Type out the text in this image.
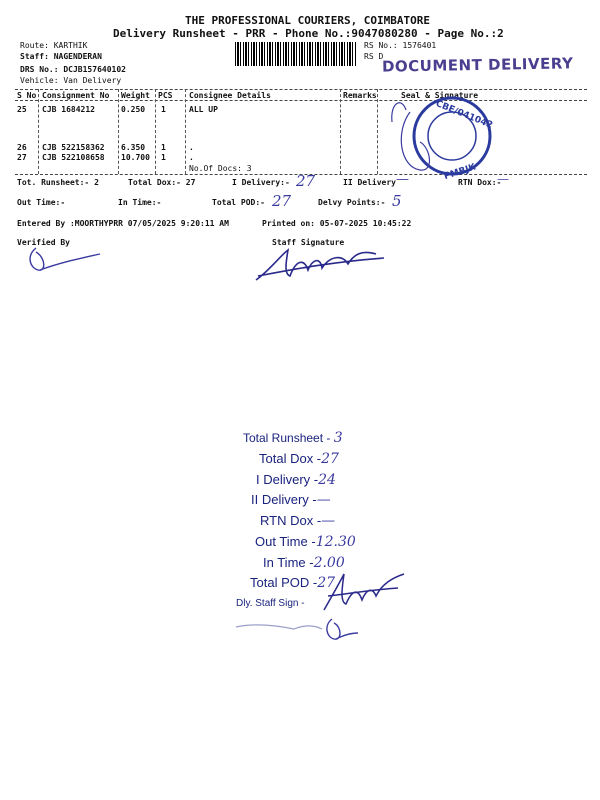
THE PROFESSIONAL COURIERS, COIMBATORE
Delivery Runsheet - PRR - Phone No.:9047080280 - Page No.:2
Route: KARTHIK
Staff: NAGENDERAN
DRS No.: DCJB157640102
Vehicle: Van Delivery
RS No.: 1576401
RS D
DOCUMENT DELIVERY
S No Consignment No Weight PCS Consignee Details	Remarks	Seal & Signature
25 CJB 1684212	0.250 1	ALL UP
26 CJB 522158362 6.350 1	.
27 CJB 522108658 10.700 1	.
No.Of Docs: 3
CBE/041042
PMBJK
Tot. Runsheet:- 2	Total Dox:- 27	I Delivery:- 27	II Delivery —	RTN Dox:-
—
Out Time:-	In Time:-	Total POD:- 27	Delvy Points:- 5
Entered By :MOORTHYPRR 07/05/2025 9:20:11 AM	Printed on: 05-07-2025 10:45:22
Verified By	Staff Signature
Total Runsheet - 3
Total Dox -27
I Delivery -24
II Delivery -—
RTN Dox -—
Out Time -12.30
In Time -2.00
Total POD -27
Dly. Staff Sign -
